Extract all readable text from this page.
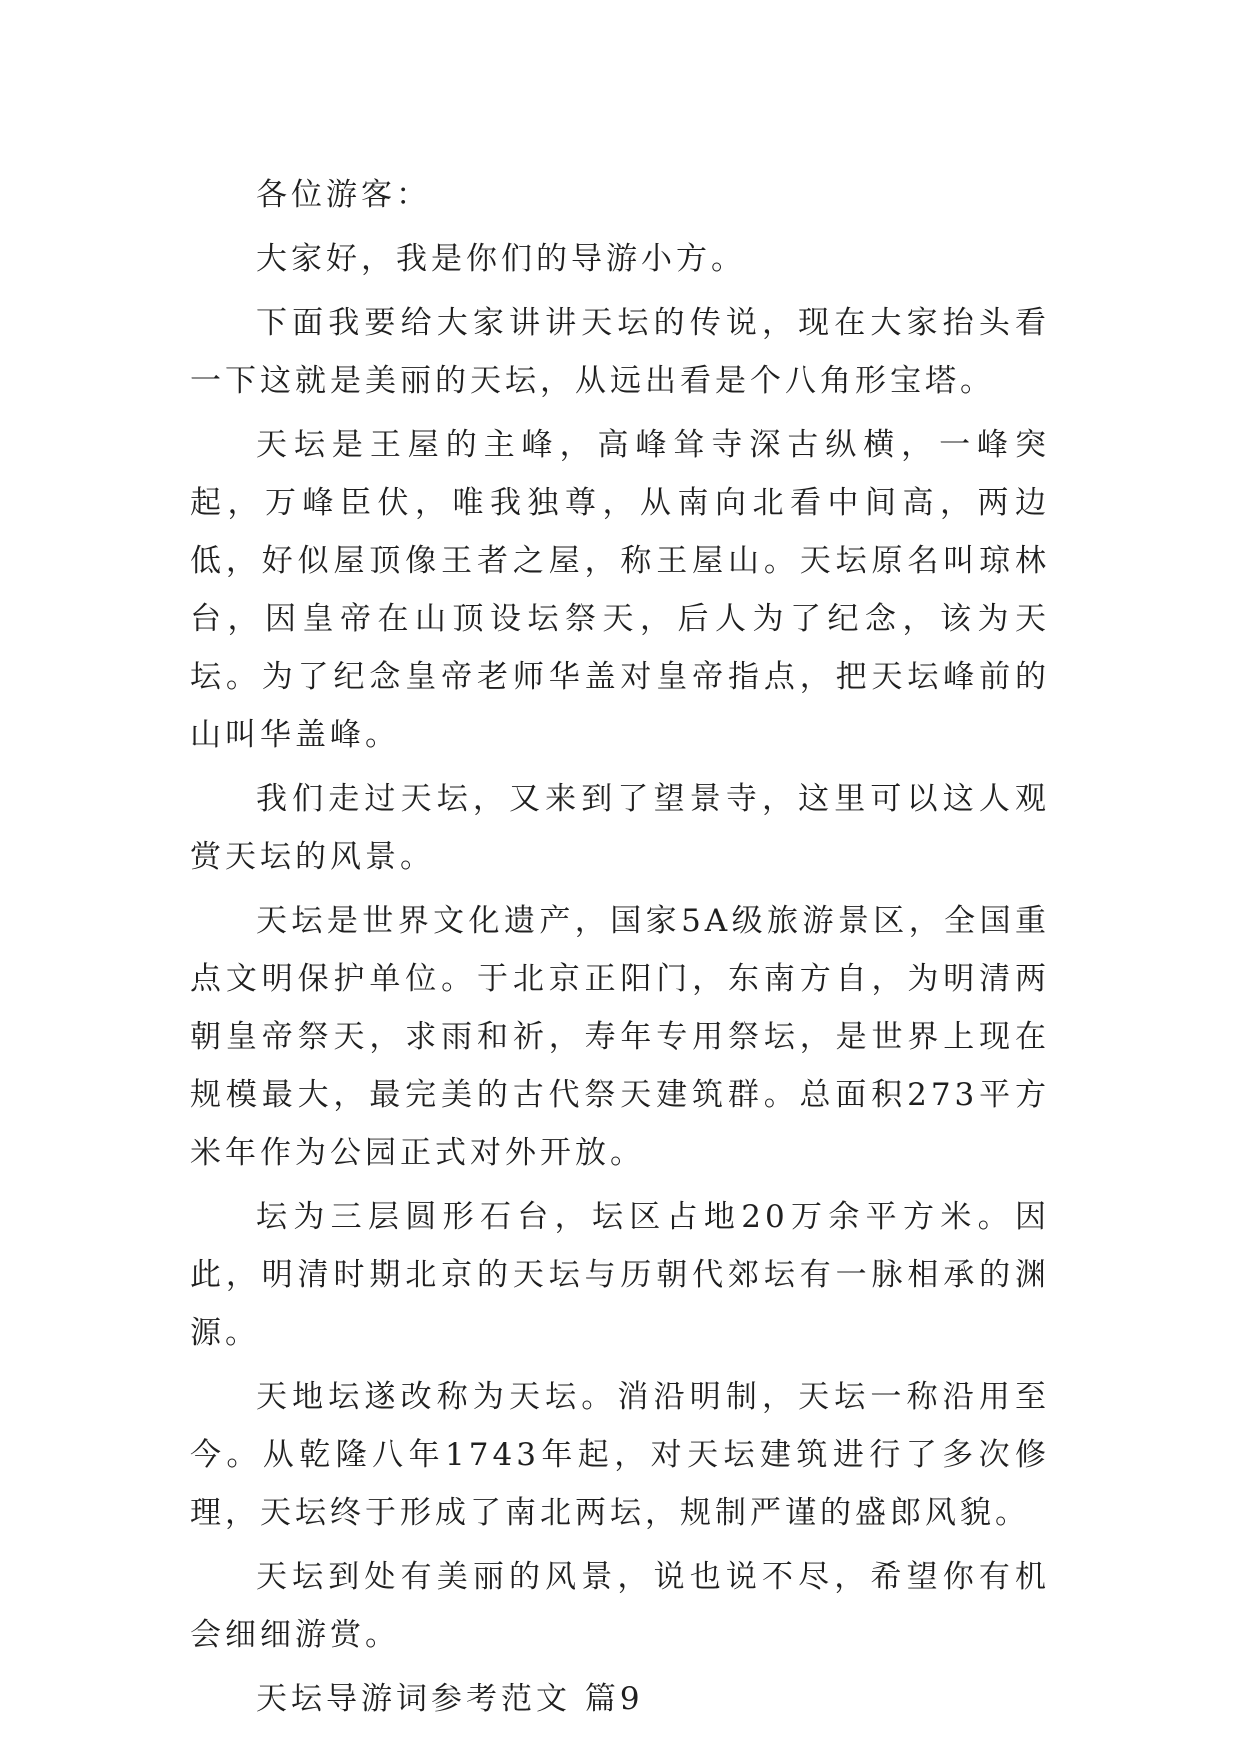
各位游客：

大家好，我是你们的导游小方。

下面我要给大家讲讲天坛的传说，现在大家抬头看一下这就是美丽的天坛，从远出看是个八角形宝塔。

天坛是王屋的主峰，高峰耸寺深古纵横，一峰突起，万峰臣伏，唯我独尊，从南向北看中间高，两边低，好似屋顶像王者之屋，称王屋山。天坛原名叫琼林台，因皇帝在山顶设坛祭天，后人为了纪念，该为天坛。为了纪念皇帝老师华盖对皇帝指点，把天坛峰前的山叫华盖峰。

我们走过天坛，又来到了望景寺，这里可以这人观赏天坛的风景。

天坛是世界文化遗产，国家5A级旅游景区，全国重点文明保护单位。于北京正阳门，东南方自，为明清两朝皇帝祭天，求雨和祈，寿年专用祭坛，是世界上现在规模最大，最完美的古代祭天建筑群。总面积273平方米年作为公园正式对外开放。

坛为三层圆形石台，坛区占地20万余平方米。因此，明清时期北京的天坛与历朝代郊坛有一脉相承的渊源。

天地坛遂改称为天坛。消沿明制，天坛一称沿用至今。从乾隆八年1743年起，对天坛建筑进行了多次修理，天坛终于形成了南北两坛，规制严谨的盛郎风貌。

天坛到处有美丽的风景，说也说不尽，希望你有机会细细游赏。

天坛导游词参考范文 篇9
